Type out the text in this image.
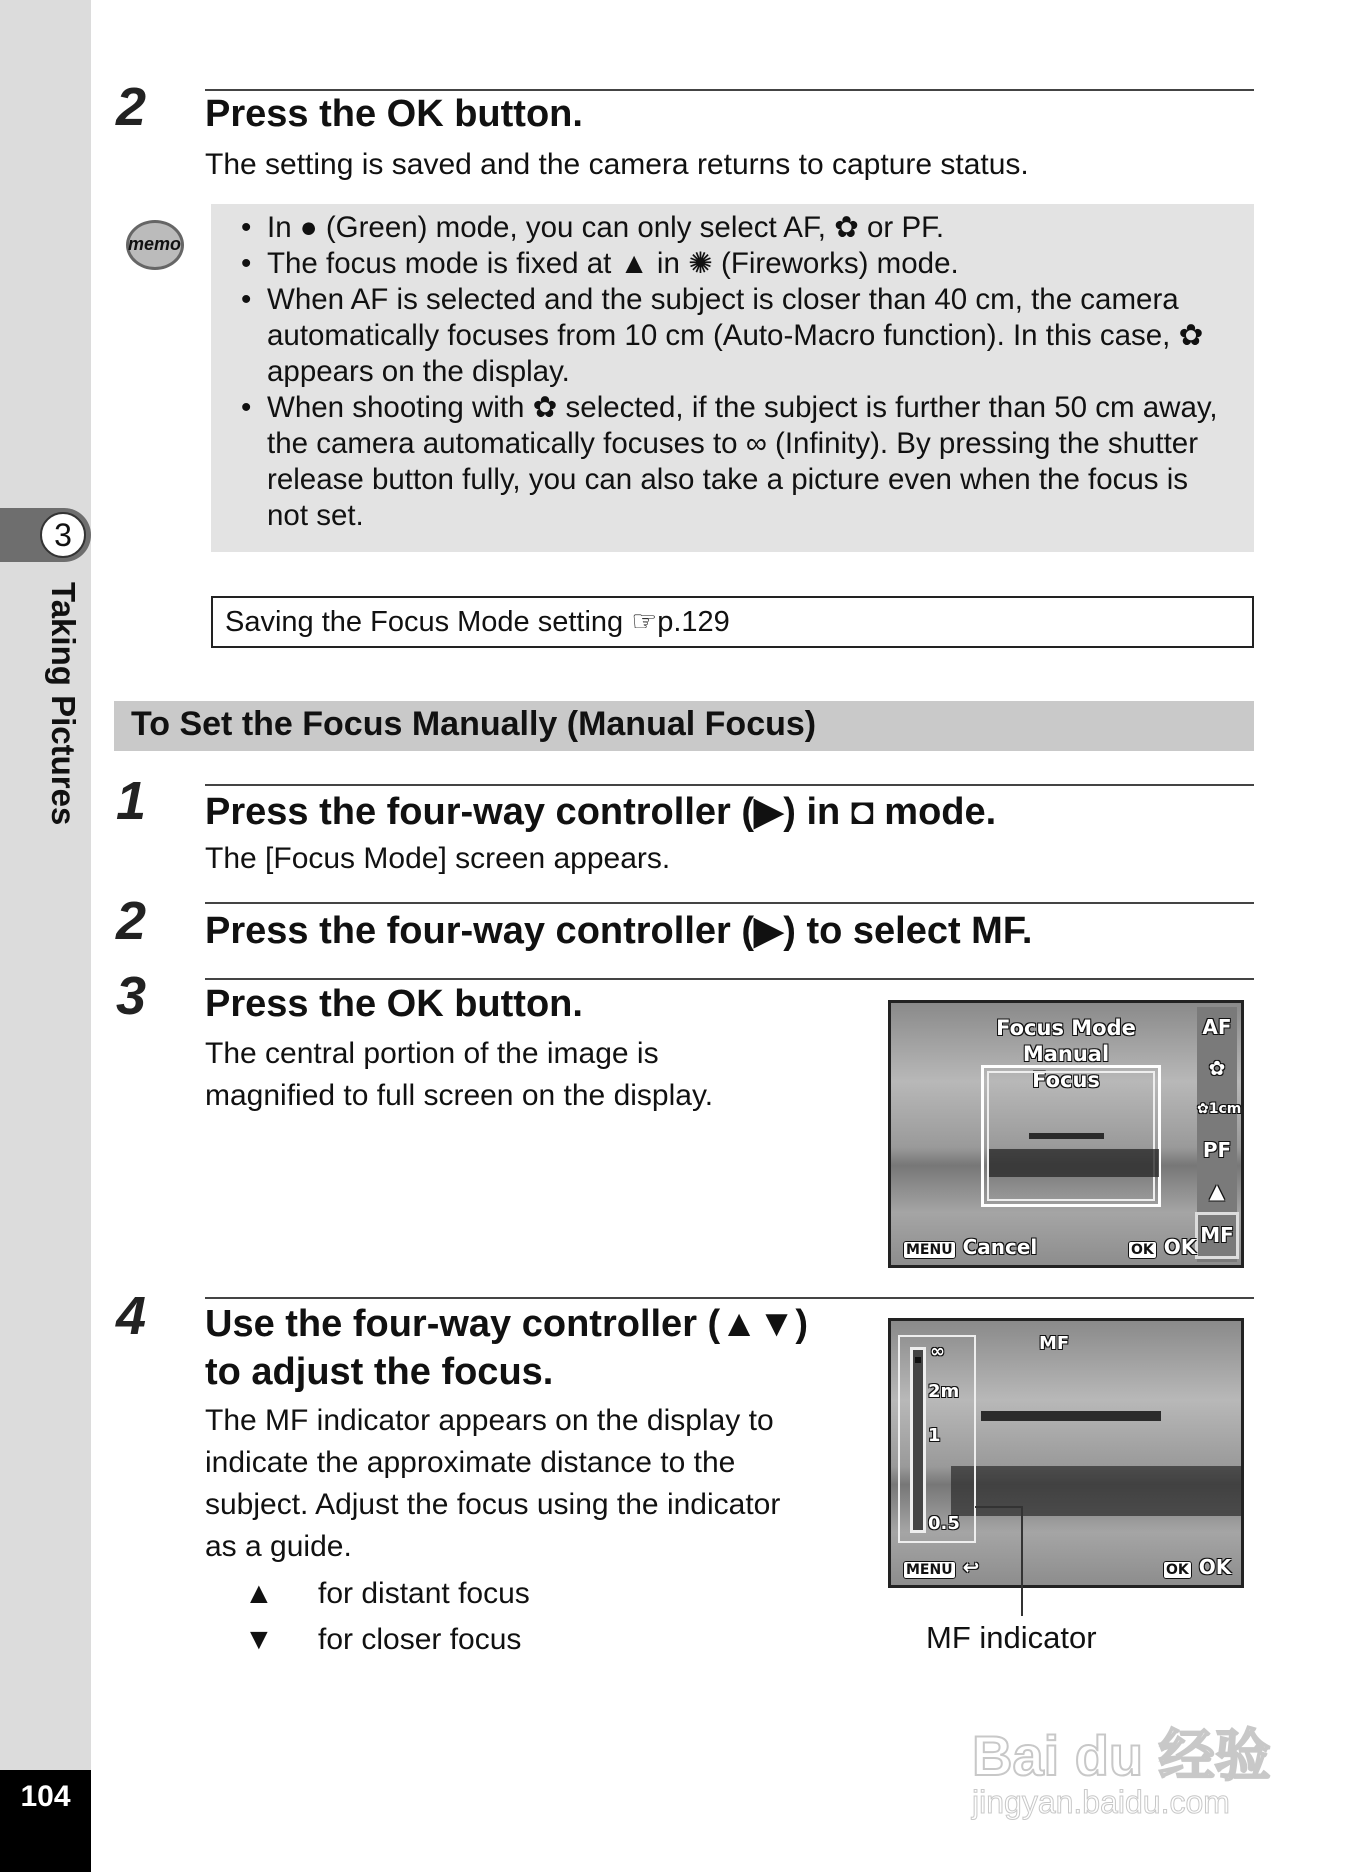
3
Taking Pictures
104
2 Press the OK button.
The setting is saved and the camera returns to capture status.
memo	• In ● (Green) mode, you can only select AF, ✿ or PF.
• The focus mode is fixed at ▲ in ✺ (Fireworks) mode.
• When AF is selected and the subject is closer than 40 cm, the camera automatically focuses from 10 cm (Auto-Macro function). In this case, ✿ appears on the display.
• When shooting with ✿ selected, if the subject is further than 50 cm away, the camera automatically focuses to ∞ (Infinity). By pressing the shutter release button fully, you can also take a picture even when the focus is not set.
Saving the Focus Mode setting ☞p.129
To Set the Focus Manually (Manual Focus)
1 Press the four-way controller (▶) in ◘ mode.
The [Focus Mode] screen appears.
2 Press the four-way controller (▶) to select MF.
3 Press the OK button.
The central portion of the image is
magnified to full screen on the display.
Focus Mode
Manual Focus
AF
✿
✿1cm
PF
▲
MF
MENU Cancel	OK OK
4 Use the four-way controller (▲▼)
to adjust the focus.
The MF indicator appears on the display to
indicate the approximate distance to the
subject. Adjust the focus using the indicator
as a guide.
▲ for distant focus
▼ for closer focus
MF
∞
2m
1
0.5
MENU ↩	OK OK
MF indicator
Bai du 经验
jingyan.baidu.com
